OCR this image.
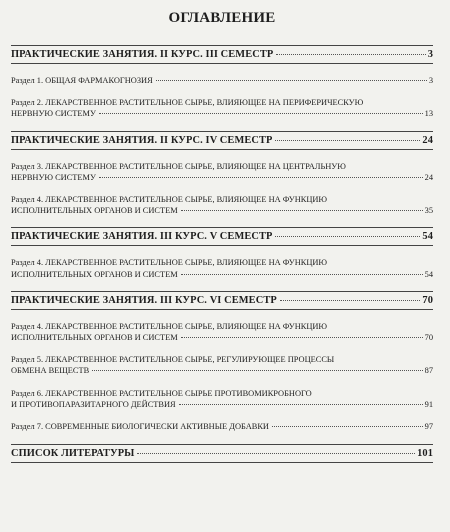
ОГЛАВЛЕНИЕ
ПРАКТИЧЕСКИЕ ЗАНЯТИЯ. II КУРС. III СЕМЕСТР	3
Раздел 1. ОБЩАЯ ФАРМАКОГНОЗИЯ	3
Раздел 2. ЛЕКАРСТВЕННОЕ РАСТИТЕЛЬНОЕ СЫРЬЕ, ВЛИЯЮЩЕЕ НА ПЕРИФЕРИЧЕСКУЮ
НЕРВНУЮ СИСТЕМУ	13
ПРАКТИЧЕСКИЕ ЗАНЯТИЯ. II КУРС. IV СЕМЕСТР	24
Раздел 3. ЛЕКАРСТВЕННОЕ РАСТИТЕЛЬНОЕ СЫРЬЕ, ВЛИЯЮЩЕЕ НА ЦЕНТРАЛЬНУЮ
НЕРВНУЮ СИСТЕМУ	24
Раздел 4. ЛЕКАРСТВЕННОЕ РАСТИТЕЛЬНОЕ СЫРЬЕ, ВЛИЯЮЩЕЕ НА ФУНКЦИЮ
ИСПОЛНИТЕЛЬНЫХ ОРГАНОВ И СИСТЕМ	35
ПРАКТИЧЕСКИЕ ЗАНЯТИЯ. III КУРС. V СЕМЕСТР	54
Раздел 4. ЛЕКАРСТВЕННОЕ РАСТИТЕЛЬНОЕ СЫРЬЕ, ВЛИЯЮЩЕЕ НА ФУНКЦИЮ
ИСПОЛНИТЕЛЬНЫХ ОРГАНОВ И СИСТЕМ	54
ПРАКТИЧЕСКИЕ ЗАНЯТИЯ. III КУРС. VI СЕМЕСТР	70
Раздел 4. ЛЕКАРСТВЕННОЕ РАСТИТЕЛЬНОЕ СЫРЬЕ, ВЛИЯЮЩЕЕ НА ФУНКЦИЮ
ИСПОЛНИТЕЛЬНЫХ ОРГАНОВ И СИСТЕМ	70
Раздел 5. ЛЕКАРСТВЕННОЕ РАСТИТЕЛЬНОЕ СЫРЬЕ, РЕГУЛИРУЮЩЕЕ ПРОЦЕССЫ
ОБМЕНА ВЕЩЕСТВ	87
Раздел 6. ЛЕКАРСТВЕННОЕ РАСТИТЕЛЬНОЕ СЫРЬЕ ПРОТИВОМИКРОБНОГО
И ПРОТИВОПАРАЗИТАРНОГО ДЕЙСТВИЯ	91
Раздел 7. СОВРЕМЕННЫЕ БИОЛОГИЧЕСКИ АКТИВНЫЕ ДОБАВКИ	97
СПИСОК ЛИТЕРАТУРЫ	101
